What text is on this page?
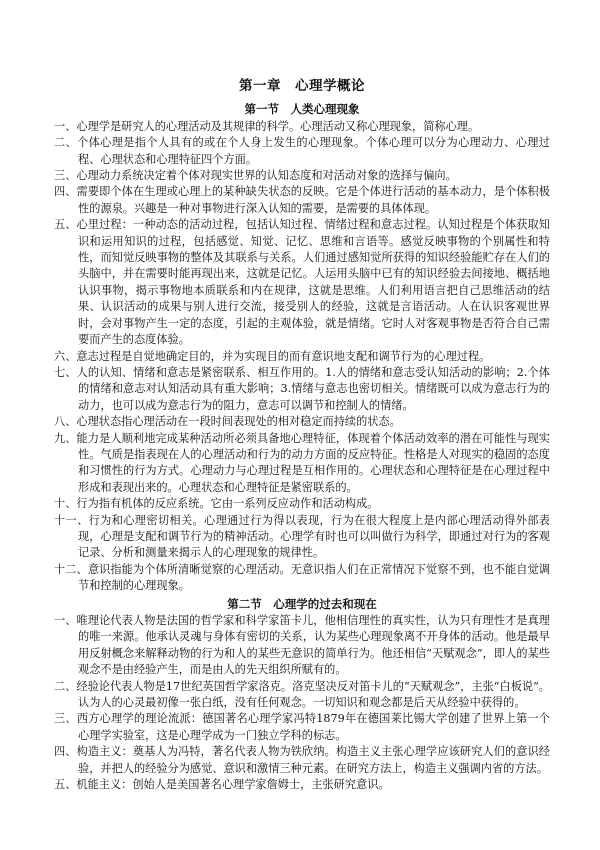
第一章　心理学概论
第一节　人类心理现象

一、心理学是研究人的心理活动及其规律的科学。心理活动又称心理现象，简称心理。

二、个体心理是指个人具有的或在个人身上发生的心理现象。个体心理可以分为心理动力、心理过程、心理状态和心理特征四个方面。

三、心理动力系统决定着个体对现实世界的认知态度和对活动对象的选择与偏向。

四、需要即个体在生理或心理上的某种缺失状态的反映。它是个体进行活动的基本动力，是个体积极性的源泉。兴趣是一种对事物进行深入认知的需要，是需要的具体体现。

五、心里过程：一种动态的活动过程，包括认知过程、情绪过程和意志过程。认知过程是个体获取知识和运用知识的过程，包括感觉、知觉、记忆、思维和言语等。感觉反映事物的个别属性和特性，而知觉反映事物的整体及其联系与关系。人们通过感知觉所获得的知识经验能贮存在人们的头脑中，并在需要时能再现出来，这就是记忆。人运用头脑中已有的知识经验去间接地、概括地认识事物，揭示事物地本质联系和内在规律，这就是思维。人们利用语言把自己思维活动的结果、认识活动的成果与别人进行交流，接受别人的经验，这就是言语活动。人在认识客观世界时，会对事物产生一定的态度，引起的主观体验，就是情绪。它时人对客观事物是否符合自己需要而产生的态度体验。

六、意志过程是自觉地确定目的，并为实现目的而有意识地支配和调节行为的心理过程。

七、人的认知、情绪和意志是紧密联系、相互作用的。1.人的情绪和意志受认知活动的影响；2.个体的情绪和意志对认知活动具有重大影响；3.情绪与意志也密切相关。情绪既可以成为意志行为的动力，也可以成为意志行为的阻力，意志可以调节和控制人的情绪。

八、心理状态指心理活动在一段时间表现处的相对稳定而持续的状态。

九、能力是人顺利地完成某种活动所必须具备地心理特征，体现着个体活动效率的潜在可能性与现实性。气质是指表现在人的心理活动和行为的动力方面的反应特征。性格是人对现实的稳固的态度和习惯性的行为方式。心理动力与心理过程是互相作用的。心理状态和心理特征是在心理过程中形成和表现出来的。心理状态和心理特征是紧密联系的。

十、行为指有机体的反应系统。它由一系列反应动作和活动构成。

十一、行为和心理密切相关。心理通过行为得以表现，行为在很大程度上是内部心理活动得外部表现，心理是支配和调节行为的精神活动。心理学有时也可以叫做行为科学，即通过对行为的客观记录、分析和测量来揭示人的心理现象的规律性。

十二、意识指能为个体所清晰觉察的心理活动。无意识指人们在正常情况下觉察不到，也不能自觉调节和控制的心理现象。

第二节　心理学的过去和现在

一、唯理论代表人物是法国的哲学家和科学家笛卡儿，他相信理性的真实性，认为只有理性才是真理的唯一来源。他承认灵魂与身体有密切的关系，认为某些心理现象离不开身体的活动。他是最早用反射概念来解释动物的行为和人的某些无意识的简单行为。他还相信“天赋观念”，即人的某些观念不是由经验产生，而是由人的先天组织所赋有的。

二、经验论代表人物是17世纪英国哲学家洛克。洛克坚决反对笛卡儿的“天赋观念”，主张“白板说”。认为人的心灵最初像一张白纸，没有任何观念。一切知识和观念都是后天从经验中获得的。

三、西方心理学的理论流派：德国著名心理学家冯特1879年在德国莱比锡大学创建了世界上第一个心理学实验室，这是心理学成为一门独立学科的标志。

四、构造主义：奠基人为冯特，著名代表人物为铁欣纳。构造主义主张心理学应该研究人们的意识经验，并把人的经验分为感觉、意识和激情三种元素。在研究方法上，构造主义强调内省的方法。

五、机能主义：创始人是美国著名心理学家詹姆士，主张研究意识。
